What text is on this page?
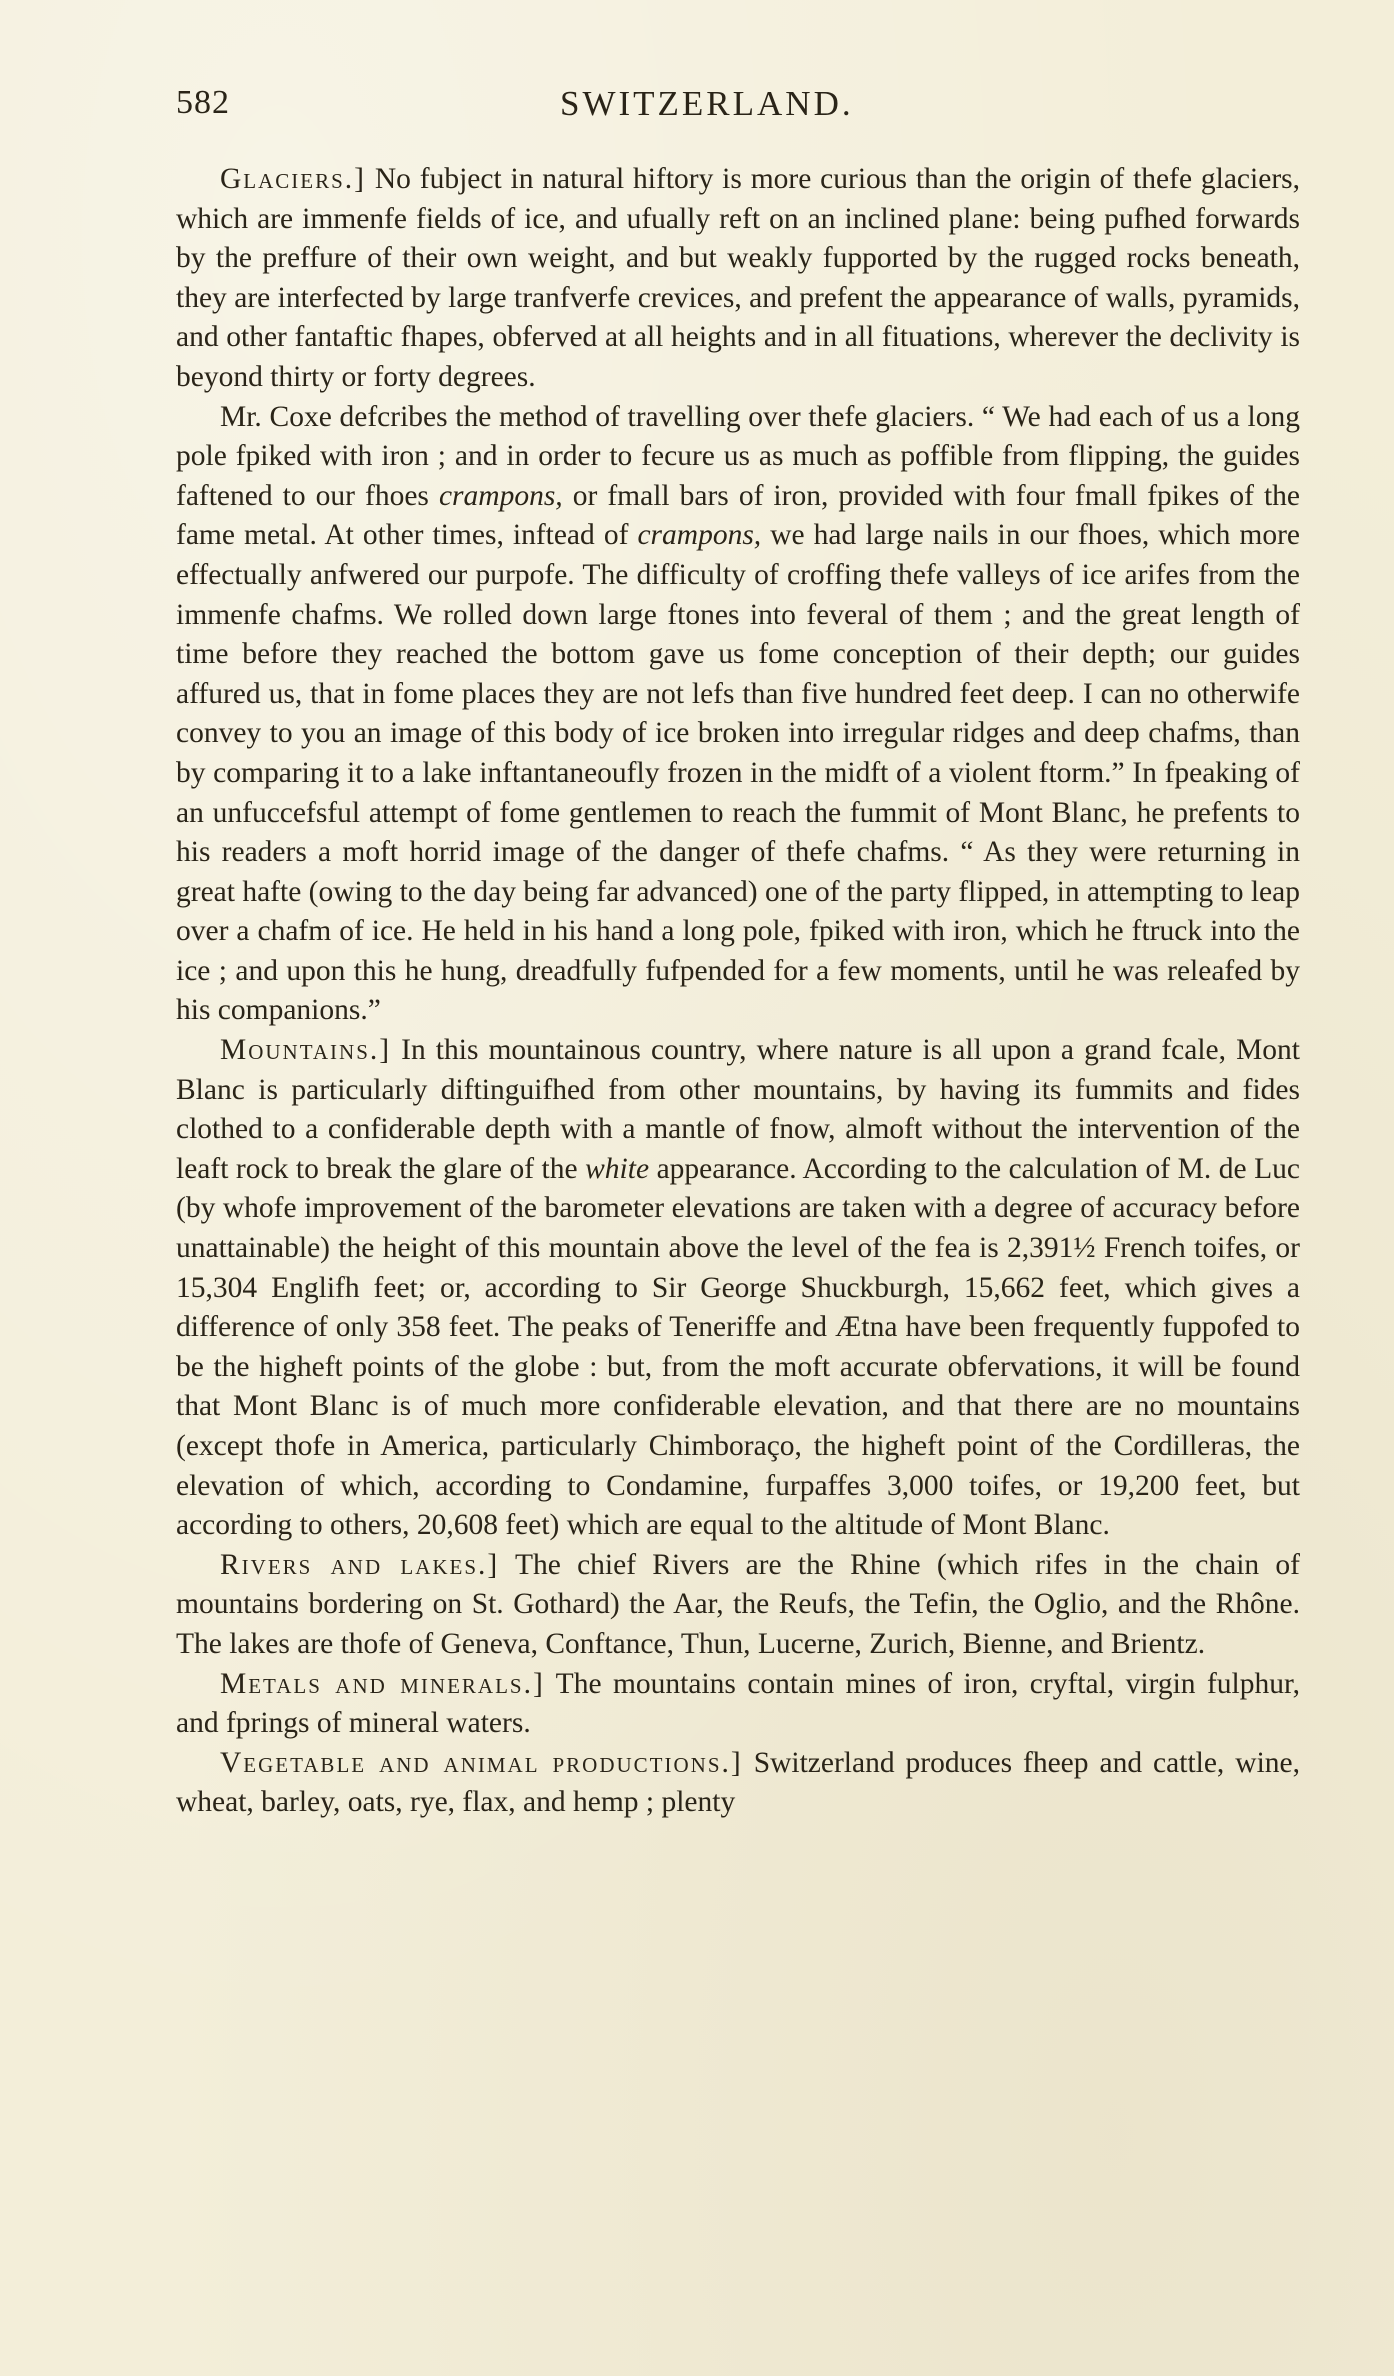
582	SWITZERLAND.

Glaciers.] No fubject in natural hiftory is more curious than the origin of thefe glaciers, which are immenfe fields of ice, and ufually reft on an inclined plane: being pufhed forwards by the preffure of their own weight, and but weakly fupported by the rugged rocks beneath, they are interfected by large tranfverfe crevices, and prefent the appearance of walls, pyramids, and other fantaftic fhapes, obferved at all heights and in all fituations, wherever the declivity is beyond thirty or forty degrees.

Mr. Coxe defcribes the method of travelling over thefe glaciers. “ We had each of us a long pole fpiked with iron ; and in order to fecure us as much as poffible from flipping, the guides faftened to our fhoes crampons, or fmall bars of iron, provided with four fmall fpikes of the fame metal. At other times, inftead of crampons, we had large nails in our fhoes, which more effectually anfwered our purpofe. The difficulty of croffing thefe valleys of ice arifes from the immenfe chafms. We rolled down large ftones into feveral of them ; and the great length of time before they reached the bottom gave us fome conception of their depth; our guides affured us, that in fome places they are not lefs than five hundred feet deep. I can no otherwife convey to you an image of this body of ice broken into irregular ridges and deep chafms, than by comparing it to a lake inftantaneoufly frozen in the midft of a violent ftorm.” In fpeaking of an unfuccefsful attempt of fome gentlemen to reach the fummit of Mont Blanc, he prefents to his readers a moft horrid image of the danger of thefe chafms. “ As they were returning in great hafte (owing to the day being far advanced) one of the party flipped, in attempting to leap over a chafm of ice. He held in his hand a long pole, fpiked with iron, which he ftruck into the ice ; and upon this he hung, dreadfully fufpended for a few moments, until he was releafed by his companions.”

Mountains.] In this mountainous country, where nature is all upon a grand fcale, Mont Blanc is particularly diftinguifhed from other mountains, by having its fummits and fides clothed to a confiderable depth with a mantle of fnow, almoft without the intervention of the leaft rock to break the glare of the white appearance. According to the calculation of M. de Luc (by whofe improvement of the barometer elevations are taken with a degree of accuracy before unattainable) the height of this mountain above the level of the fea is 2,391½ French toifes, or 15,304 Englifh feet; or, according to Sir George Shuckburgh, 15,662 feet, which gives a difference of only 358 feet. The peaks of Teneriffe and Ætna have been frequently fuppofed to be the higheft points of the globe : but, from the moft accurate obfervations, it will be found that Mont Blanc is of much more confiderable elevation, and that there are no mountains (except thofe in America, particularly Chimboraço, the higheft point of the Cordilleras, the elevation of which, according to Condamine, furpaffes 3,000 toifes, or 19,200 feet, but according to others, 20,608 feet) which are equal to the altitude of Mont Blanc.

Rivers and lakes.] The chief Rivers are the Rhine (which rifes in the chain of mountains bordering on St. Gothard) the Aar, the Reufs, the Tefin, the Oglio, and the Rhône. The lakes are thofe of Geneva, Conftance, Thun, Lucerne, Zurich, Bienne, and Brientz.

Metals and minerals.] The mountains contain mines of iron, cryftal, virgin fulphur, and fprings of mineral waters.

Vegetable and animal productions.] Switzerland produces fheep and cattle, wine, wheat, barley, oats, rye, flax, and hemp ; plenty
